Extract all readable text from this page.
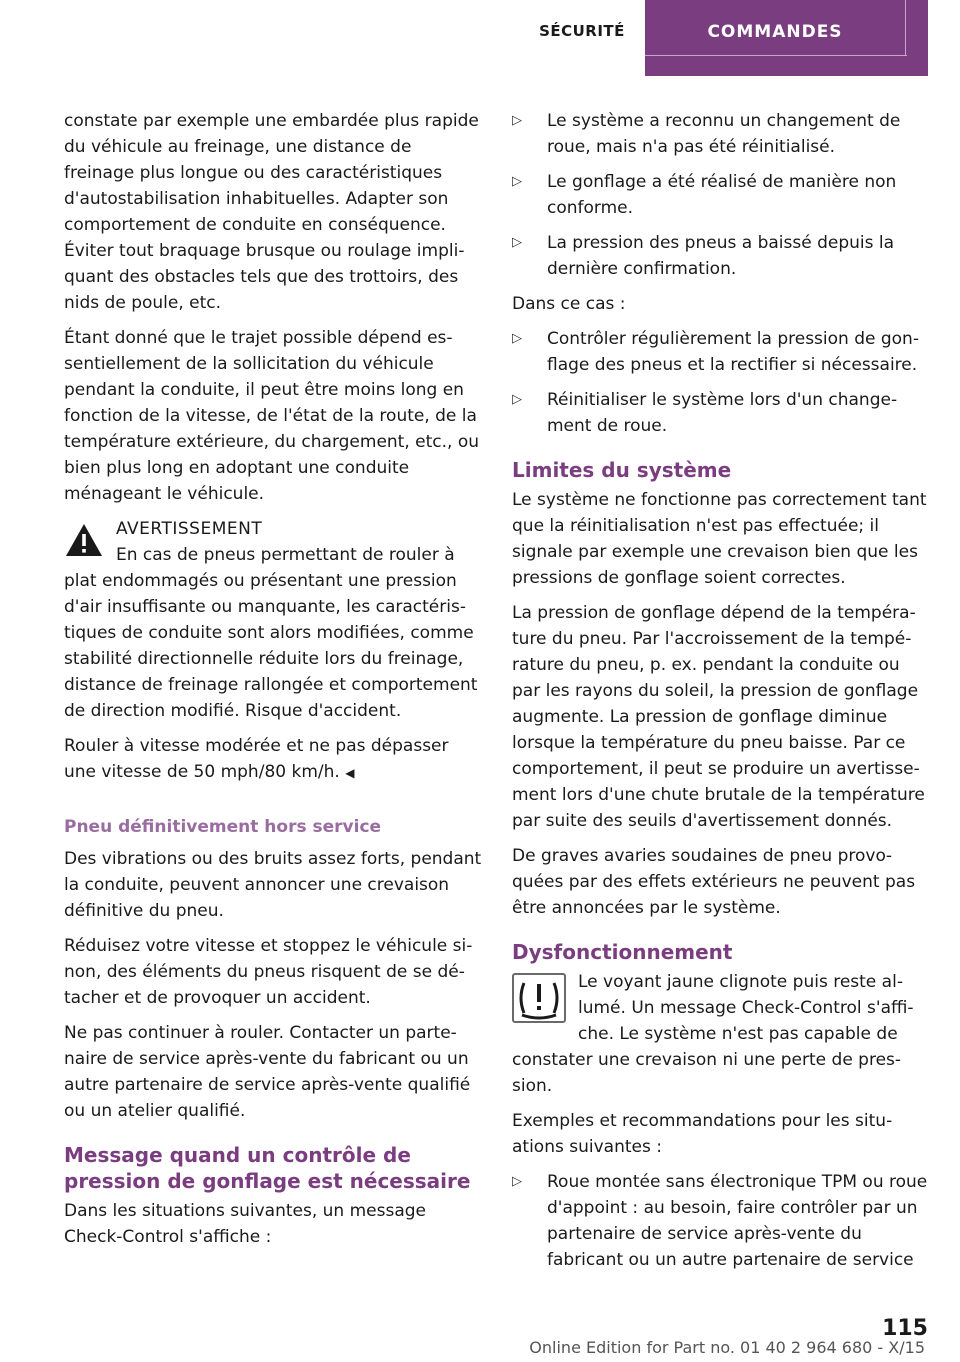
SÉCURITÉ	COMMANDES

constate par exemple une embardée plus rapide du véhicule au freinage, une distance de freinage plus longue ou des caractéristiques d'autostabilisation inhabituelles. Adapter son comportement de conduite en conséquence. Éviter tout braquage brusque ou roulage impliquant des obstacles tels que des trottoirs, des nids de poule, etc.

Étant donné que le trajet possible dépend essentiellement de la sollicitation du véhicule pendant la conduite, il peut être moins long en fonction de la vitesse, de l'état de la route, de la température extérieure, du chargement, etc., ou bien plus long en adoptant une conduite ménageant le véhicule.

AVERTISSEMENT

En cas de pneus permettant de rouler à plat endommagés ou présentant une pression d'air insuffisante ou manquante, les caractéristiques de conduite sont alors modifiées, comme stabilité directionnelle réduite lors du freinage, distance de freinage rallongée et comportement de direction modifié. Risque d'accident.

Rouler à vitesse modérée et ne pas dépasser une vitesse de 50 mph/80 km/h. ◀

Pneu définitivement hors service

Des vibrations ou des bruits assez forts, pendant la conduite, peuvent annoncer une crevaison définitive du pneu.

Réduisez votre vitesse et stoppez le véhicule sinon, des éléments du pneus risquent de se détacher et de provoquer un accident.

Ne pas continuer à rouler. Contacter un partenaire de service après-vente du fabricant ou un autre partenaire de service après-vente qualifié ou un atelier qualifié.

Message quand un contrôle de pression de gonflage est nécessaire

Dans les situations suivantes, un message Check-Control s'affiche :

▷ Le système a reconnu un changement de roue, mais n'a pas été réinitialisé.
▷ Le gonflage a été réalisé de manière non conforme.
▷ La pression des pneus a baissé depuis la dernière confirmation.

Dans ce cas :

▷ Contrôler régulièrement la pression de gonflage des pneus et la rectifier si nécessaire.
▷ Réinitialiser le système lors d'un changement de roue.
Limites du système

Le système ne fonctionne pas correctement tant que la réinitialisation n'est pas effectuée; il signale par exemple une crevaison bien que les pressions de gonflage soient correctes.

La pression de gonflage dépend de la température du pneu. Par l'accroissement de la température du pneu, p. ex. pendant la conduite ou par les rayons du soleil, la pression de gonflage augmente. La pression de gonflage diminue lorsque la température du pneu baisse. Par ce comportement, il peut se produire un avertissement lors d'une chute brutale de la température par suite des seuils d'avertissement donnés.

De graves avaries soudaines de pneu provoquées par des effets extérieurs ne peuvent pas être annoncées par le système.

Dysfonctionnement

Le voyant jaune clignote puis reste allumé. Un message Check-Control s'affiche. Le système n'est pas capable de constater une crevaison ni une perte de pression.

Exemples et recommandations pour les situations suivantes :

▷ Roue montée sans électronique TPM ou roue d'appoint : au besoin, faire contrôler par un partenaire de service après-vente du fabricant ou un autre partenaire de service
115
Online Edition for Part no. 01 40 2 964 680 - X/15
